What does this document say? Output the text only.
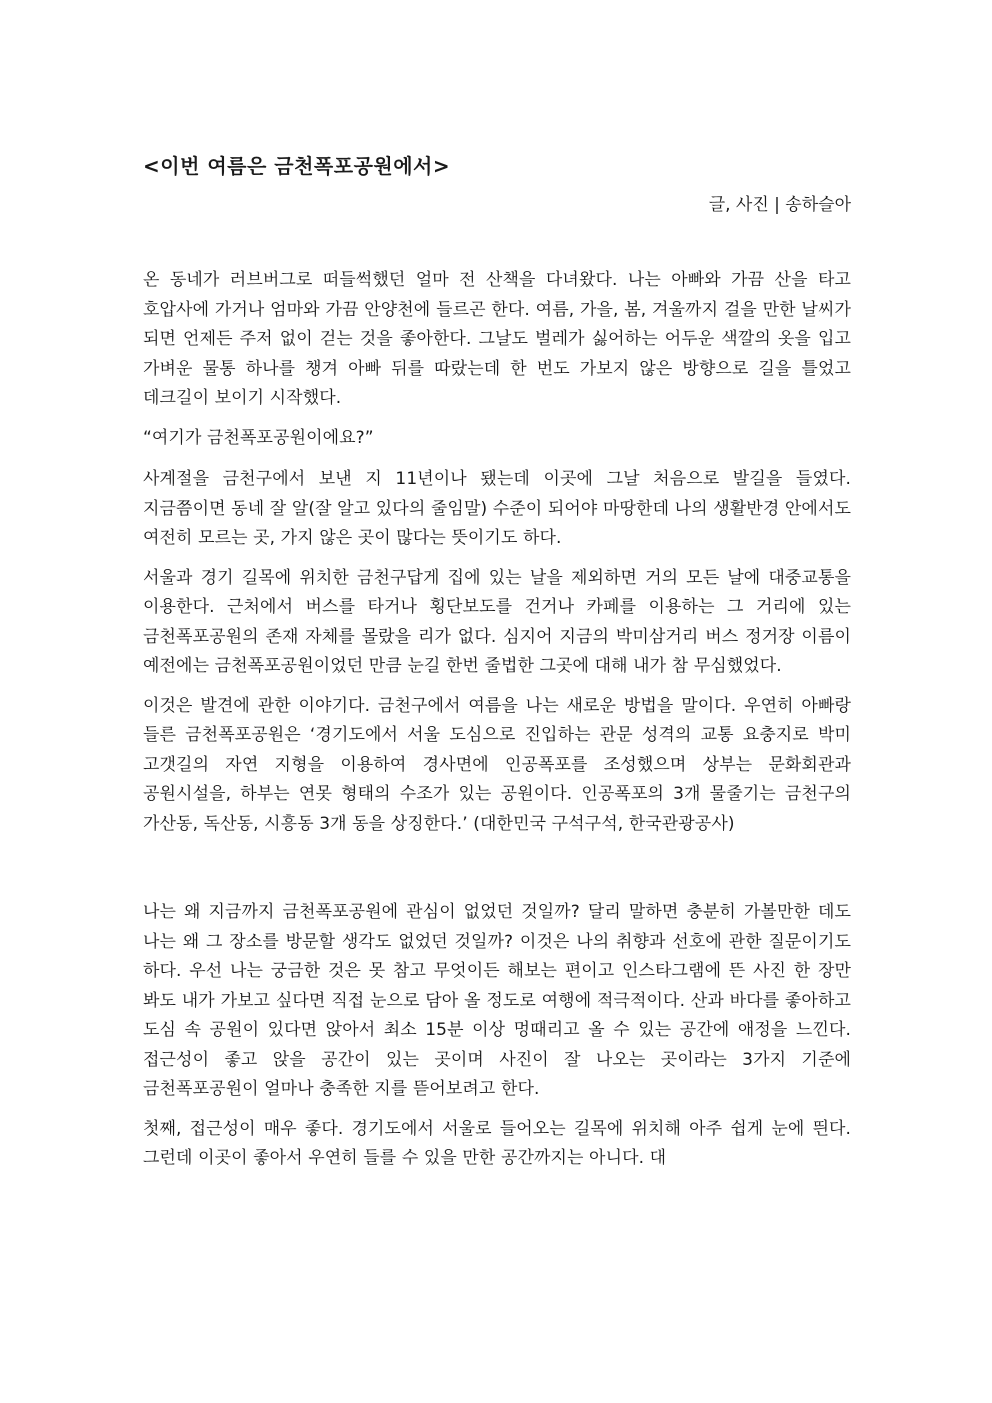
<이번 여름은 금천폭포공원에서>
글, 사진 | 송하슬아

온 동네가 러브버그로 떠들썩했던 얼마 전 산책을 다녀왔다. 나는 아빠와 가끔 산을 타고 호압사에 가거나 엄마와 가끔 안양천에 들르곤 한다. 여름, 가을, 봄, 겨울까지 걸을 만한 날씨가 되면 언제든 주저 없이 걷는 것을 좋아한다. 그날도 벌레가 싫어하는 어두운 색깔의 옷을 입고 가벼운 물통 하나를 챙겨 아빠 뒤를 따랐는데 한 번도 가보지 않은 방향으로 길을 틀었고 데크길이 보이기 시작했다.

“여기가 금천폭포공원이에요?”

사계절을 금천구에서 보낸 지 11년이나 됐는데 이곳에 그날 처음으로 발길을 들였다. 지금쯤이면 동네 잘 알(잘 알고 있다의 줄임말) 수준이 되어야 마땅한데 나의 생활반경 안에서도 여전히 모르는 곳, 가지 않은 곳이 많다는 뜻이기도 하다.

서울과 경기 길목에 위치한 금천구답게 집에 있는 날을 제외하면 거의 모든 날에 대중교통을 이용한다. 근처에서 버스를 타거나 횡단보도를 건거나 카페를 이용하는 그 거리에 있는 금천폭포공원의 존재 자체를 몰랐을 리가 없다. 심지어 지금의 박미삼거리 버스 정거장 이름이 예전에는 금천폭포공원이었던 만큼 눈길 한번 줄법한 그곳에 대해 내가 참 무심했었다.

이것은 발견에 관한 이야기다. 금천구에서 여름을 나는 새로운 방법을 말이다. 우연히 아빠랑 들른 금천폭포공원은 ‘경기도에서 서울 도심으로 진입하는 관문 성격의 교통 요충지로 박미 고갯길의 자연 지형을 이용하여 경사면에 인공폭포를 조성했으며 상부는 문화회관과 공원시설을, 하부는 연못 형태의 수조가 있는 공원이다. 인공폭포의 3개 물줄기는 금천구의 가산동, 독산동, 시흥동 3개 동을 상징한다.’ (대한민국 구석구석, 한국관광공사)

나는 왜 지금까지 금천폭포공원에 관심이 없었던 것일까? 달리 말하면 충분히 가볼만한 데도 나는 왜 그 장소를 방문할 생각도 없었던 것일까? 이것은 나의 취향과 선호에 관한 질문이기도 하다. 우선 나는 궁금한 것은 못 참고 무엇이든 해보는 편이고 인스타그램에 뜬 사진 한 장만 봐도 내가 가보고 싶다면 직접 눈으로 담아 올 정도로 여행에 적극적이다. 산과 바다를 좋아하고 도심 속 공원이 있다면 앉아서 최소 15분 이상 멍때리고 올 수 있는 공간에 애정을 느낀다. 접근성이 좋고 앉을 공간이 있는 곳이며 사진이 잘 나오는 곳이라는 3가지 기준에 금천폭포공원이 얼마나 충족한 지를 뜯어보려고 한다.

첫째, 접근성이 매우 좋다. 경기도에서 서울로 들어오는 길목에 위치해 아주 쉽게 눈에 띈다. 그런데 이곳이 좋아서 우연히 들를 수 있을 만한 공간까지는 아니다. 대
